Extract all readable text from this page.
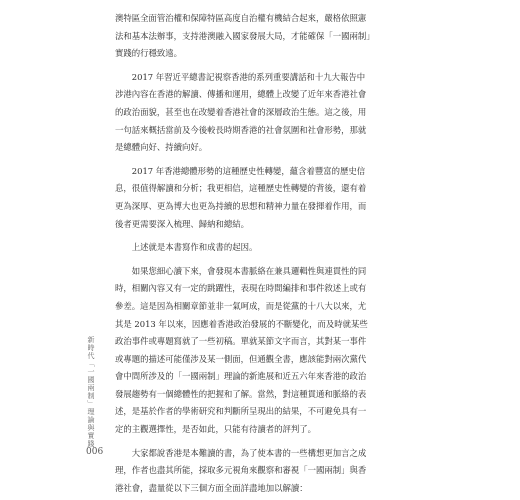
澳特區全面管治權和保障特區高度自治權有機結合起來，嚴格依照憲
法和基本法辦事，支持港澳融入國家發展大局，才能確保「一國兩制」
實踐的行穩致遠。
2017 年習近平總書記視察香港的系列重要講話和十九大報告中
涉港內容在香港的解讀、傳播和運用，總體上改變了近年來香港社會
的政治面貌，甚至也在改變着香港社會的深層政治生態。這之後，用
一句話來概括當前及今後較長時期香港的社會氛圍和社會形勢，那就
是總體向好、持續向好。
2017 年香港總體形勢的這種歷史性轉變，蘊含着豐富的歷史信
息，很值得解讀和分析；我更相信，這種歷史性轉變的背後，還有着
更為深厚、更為博大也更為持續的思想和精神力量在發揮着作用，而
後者更需要深入梳理、歸納和總結。
上述就是本書寫作和成書的起因。
如果您細心讀下來，會發現本書脈絡在兼具邏輯性與連貫性的同
時，相關內容又有一定的跳躍性，表現在時間編排和事件敘述上或有
參差。這是因為相關章節並非一氣呵成，而是從黨的十八大以來，尤
其是 2013 年以來，因應着香港政治發展的不斷變化，而及時就某些
政治事件或專題寫就了一些初稿。單就某節文字而言，其對某一事件
或專題的描述可能僅涉及某一側面，但通觀全書，應該能對兩次黨代
會中間所涉及的「一國兩制」理論的新進展和近五六年來香港的政治
發展趨勢有一個總體性的把握和了解。當然，對這種貫通和脈絡的表
述，是基於作者的學術研究和判斷所呈現出的結果，不可避免具有一
定的主觀選擇性，是否如此，只能有待讀者的評判了。
大家都說香港是本難讀的書，為了使本書的一些構想更加言之成
理，作者也盡其所能，採取多元視角來觀察和審視「一國兩制」與香
港社會，盡量從以下三個方面全面詳盡地加以解讀：
新時代「一國兩制」理論與實踐
006
